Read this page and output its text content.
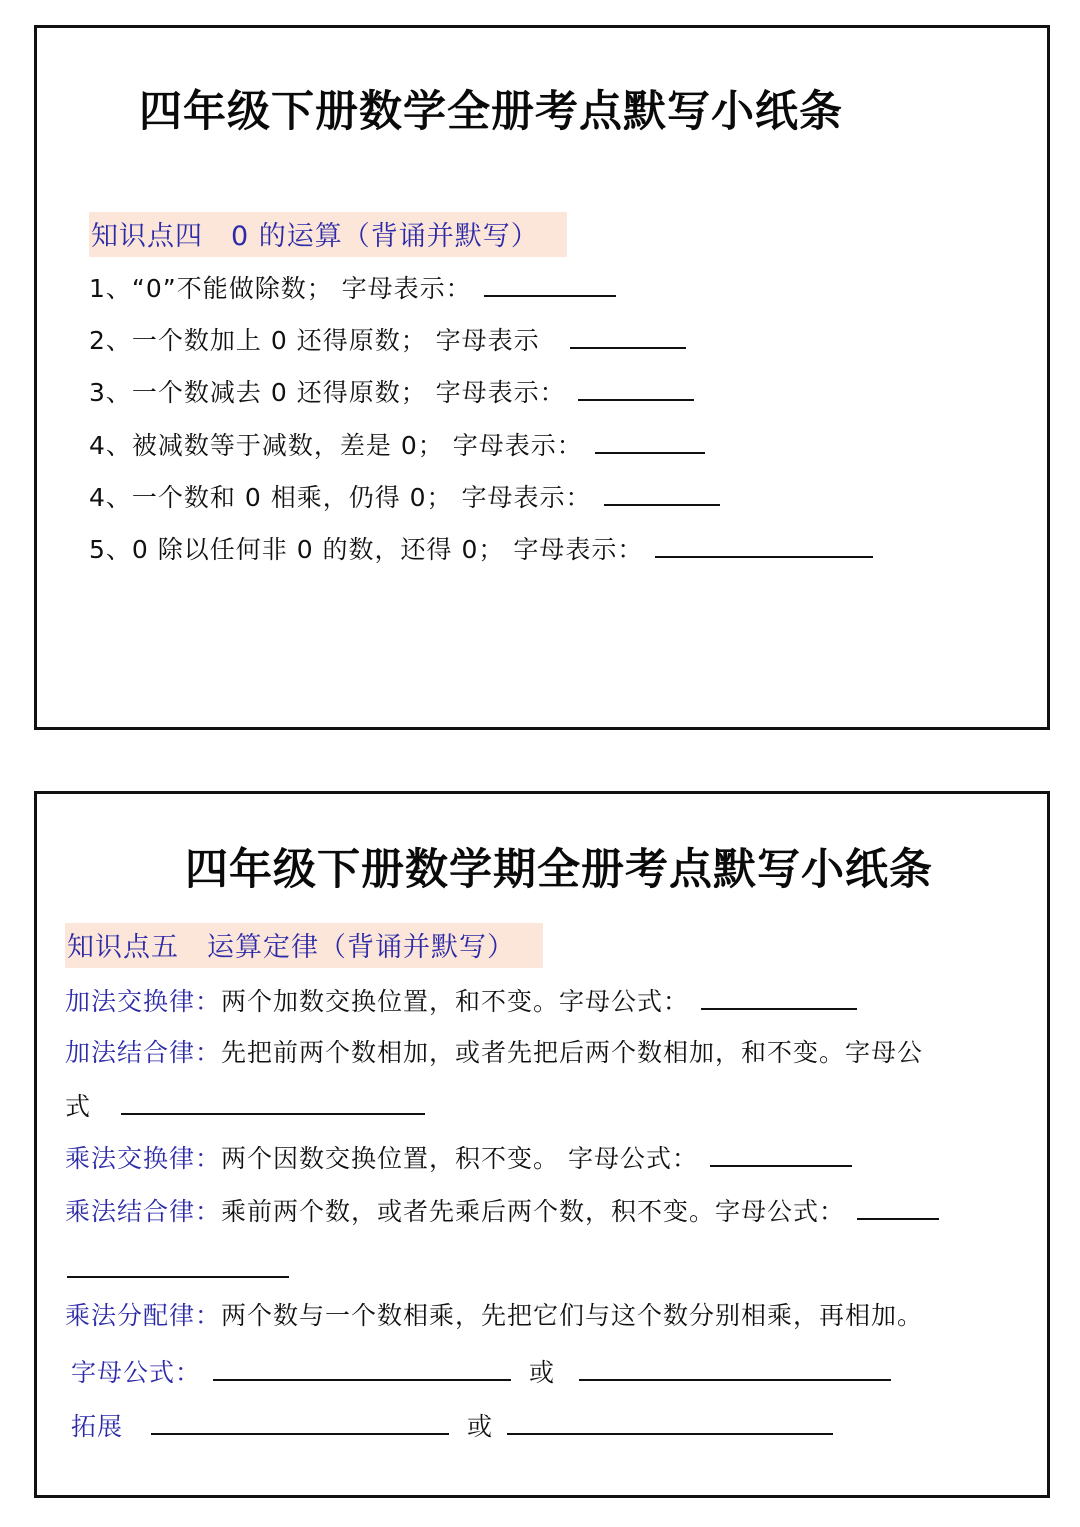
四年级下册数学全册考点默写小纸条
知识点四　0 的运算（背诵并默写）
1、“0”不能做除数； 字母表示：
2、一个数加上 0 还得原数； 字母表示
3、一个数减去 0 还得原数； 字母表示：
4、被减数等于减数，差是 0； 字母表示：
4、一个数和 0 相乘，仍得 0； 字母表示：
5、0 除以任何非 0 的数，还得 0； 字母表示：
四年级下册数学期全册考点默写小纸条
知识点五　运算定律（背诵并默写）
加法交换律：两个加数交换位置，和不变。字母公式：
加法结合律：先把前两个数相加，或者先把后两个数相加，和不变。字母公
式
乘法交换律：两个因数交换位置，积不变。 字母公式：
乘法结合律：乘前两个数，或者先乘后两个数，积不变。字母公式：
乘法分配律：两个数与一个数相乘，先把它们与这个数分别相乘，再相加。
字母公式：	或
拓展	或
